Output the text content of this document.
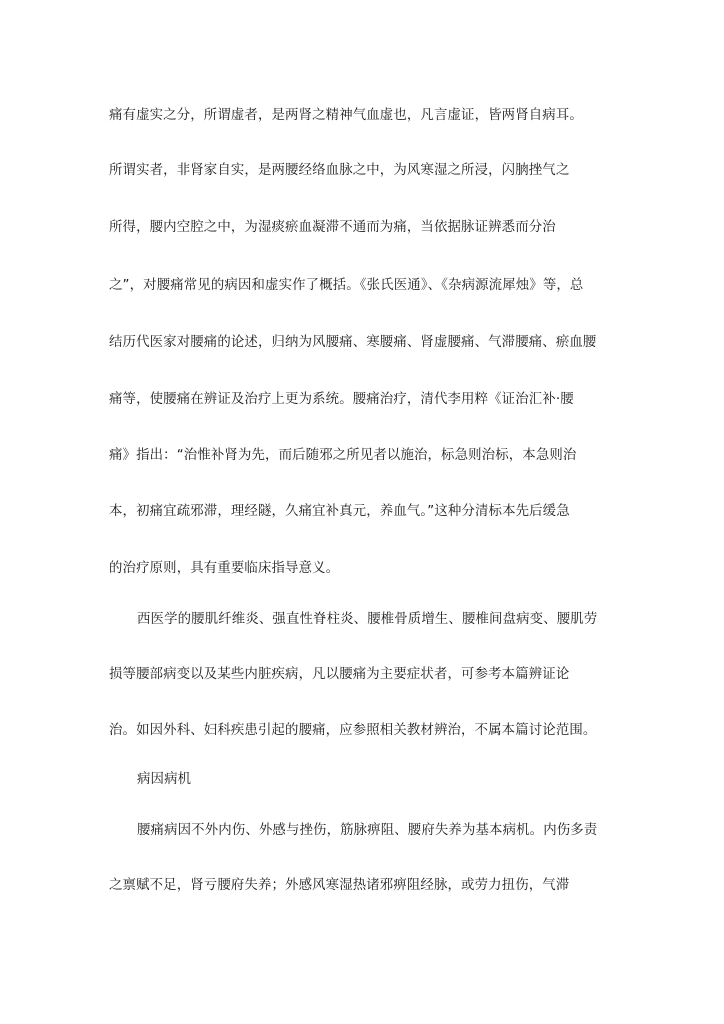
痛有虚实之分，所谓虚者，是两肾之精神气血虚也，凡言虚证，皆两肾自病耳。
所谓实者，非肾家自实，是两腰经络血脉之中，为风寒湿之所浸，闪朒挫气之
所得，腰内空腔之中，为湿痰瘀血凝滞不通而为痛，当依据脉证辨悉而分治
之”，对腰痛常见的病因和虚实作了概括。《张氏医通》、《杂病源流犀烛》等，总
结历代医家对腰痛的论述，归纳为风腰痛、寒腰痛、肾虚腰痛、气滞腰痛、瘀血腰
痛等，使腰痛在辨证及治疗上更为系统。腰痛治疗，清代李用粹《证治汇补·腰
痛》指出：“治惟补肾为先，而后随邪之所见者以施治，标急则治标，本急则治
本，初痛宜疏邪滞，理经隧，久痛宜补真元，养血气。”这种分清标本先后缓急
的治疗原则，具有重要临床指导意义。
西医学的腰肌纤维炎、强直性脊柱炎、腰椎骨质增生、腰椎间盘病变、腰肌劳
损等腰部病变以及某些内脏疾病，凡以腰痛为主要症状者，可参考本篇辨证论
治。如因外科、妇科疾患引起的腰痛，应参照相关教材辨治，不属本篇讨论范围。
病因病机
腰痛病因不外内伤、外感与挫伤，筋脉痹阻、腰府失养为基本病机。内伤多责
之禀赋不足，肾亏腰府失养；外感风寒湿热诸邪痹阻经脉，或劳力扭伤，气滞
